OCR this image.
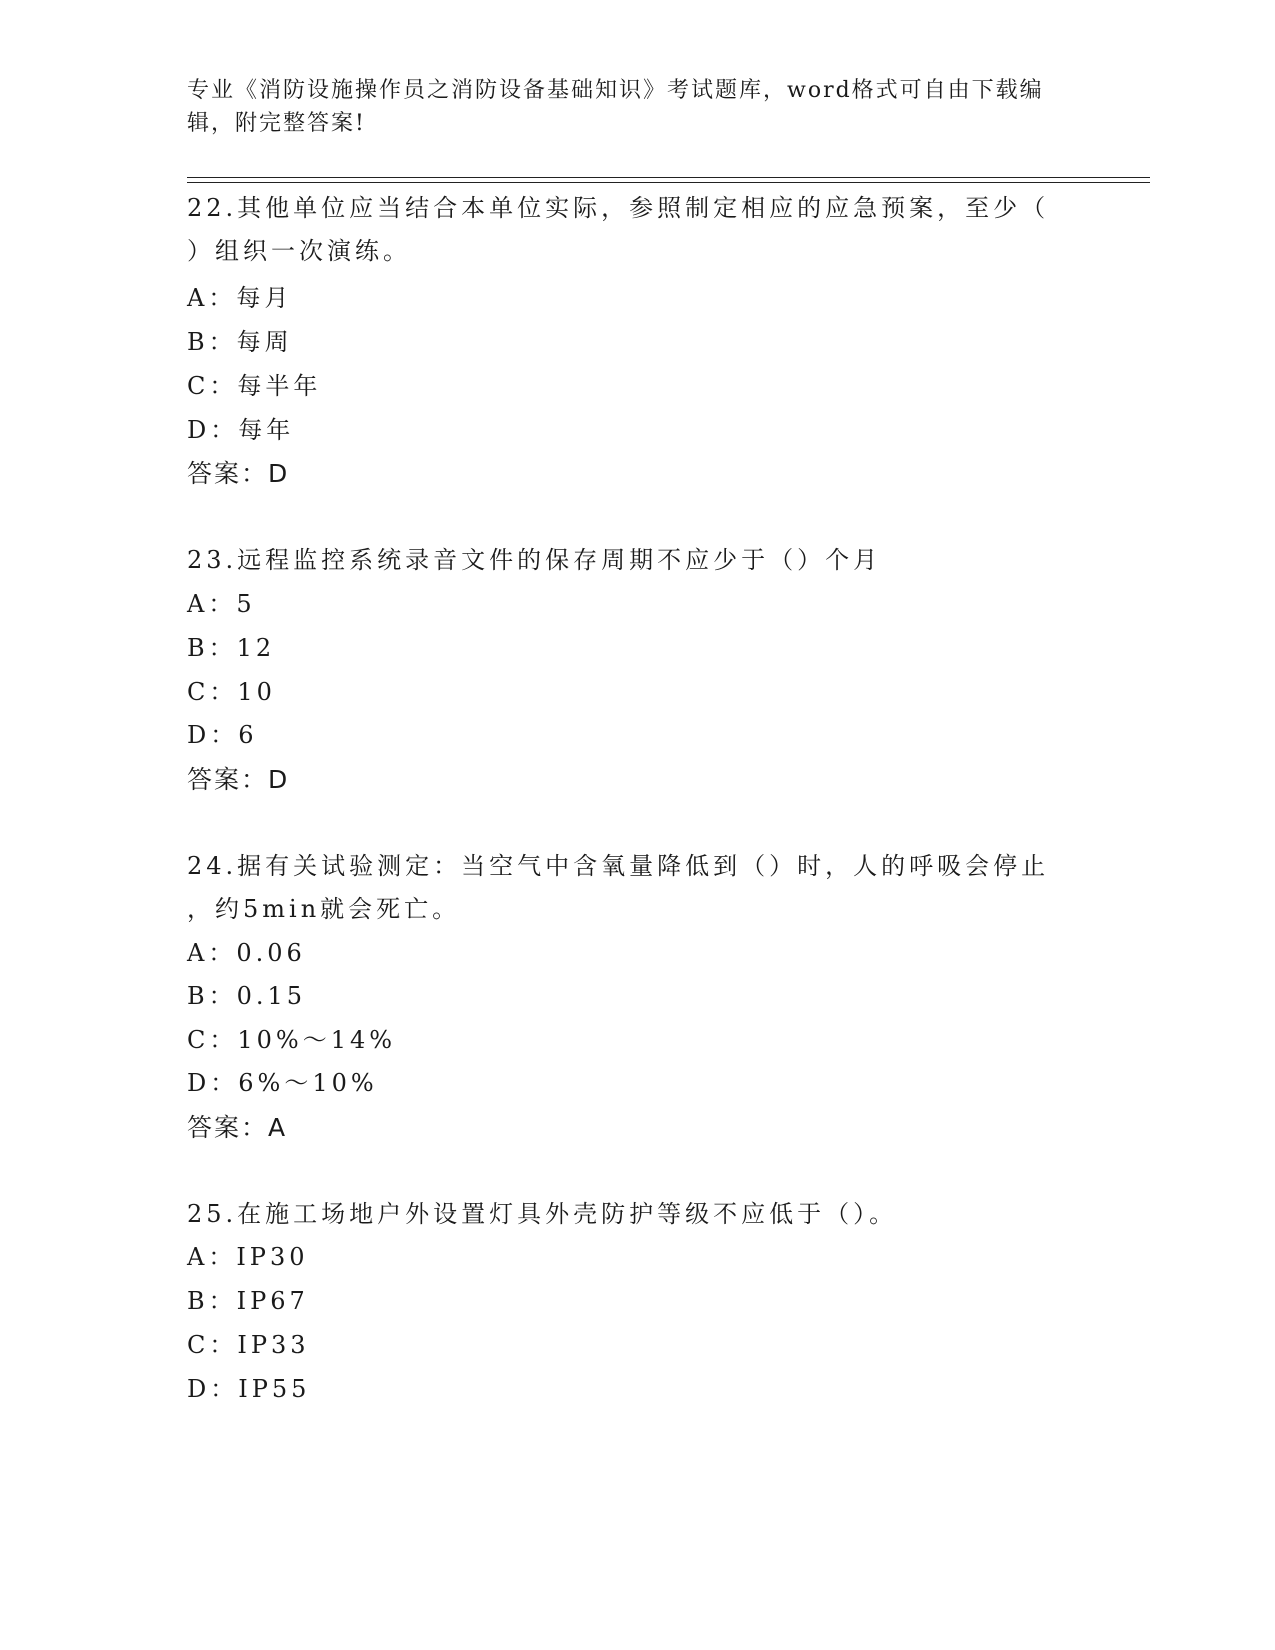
专业《消防设施操作员之消防设备基础知识》考试题库，word格式可自由下载编
辑，附完整答案!

22.其他单位应当结合本单位实际，参照制定相应的应急预案，至少（

）组织一次演练。

A：每月

B：每周

C：每半年

D：每年

答案：D

23.远程监控系统录音文件的保存周期不应少于（）个月

A：5

B：12

C：10

D：6

答案：D

24.据有关试验测定：当空气中含氧量降低到（）时，人的呼吸会停止

，约5min就会死亡。

A：0.06

B：0.15

C：10%～14%

D：6%～10%

答案：A

25.在施工场地户外设置灯具外壳防护等级不应低于（）。

A：IP30

B：IP67

C：IP33

D：IP55
